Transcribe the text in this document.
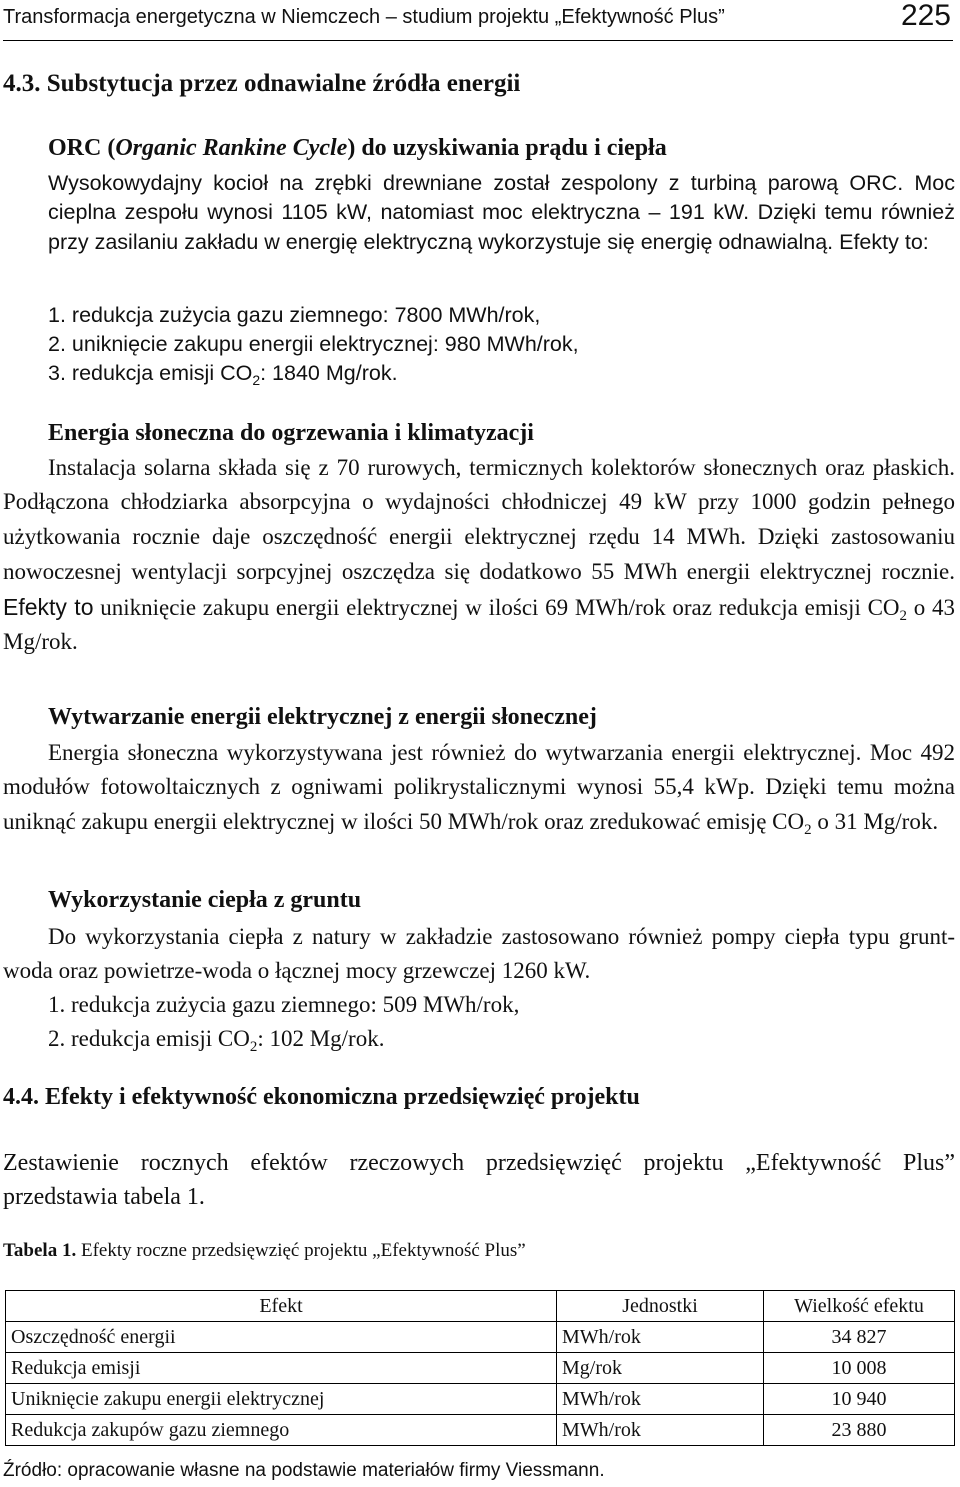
Transformacja energetyczna w Niemczech – studium projektu „Efektywność Plus”	225
4.3. Substytucja przez odnawialne źródła energii
ORC (Organic Rankine Cycle) do uzyskiwania prądu i ciepła
Wysokowydajny kocioł na zrębki drewniane został zespolony z turbiną parową ORC. Moc cieplna zespołu wynosi 1105 kW, natomiast moc elektryczna – 191 kW. Dzięki temu również przy zasilaniu zakładu w energię elektryczną wykorzystuje się energię odnawialną. Efekty to:
1. redukcja zużycia gazu ziemnego: 7800 MWh/rok,
2. uniknięcie zakupu energii elektrycznej: 980 MWh/rok,
3. redukcja emisji $CO_2$: 1840 Mg/rok.
Energia słoneczna do ogrzewania i klimatyzacji
Instalacja solarna składa się z 70 rurowych, termicznych kolektorów słonecznych oraz płaskich. Podłączona chłodziarka absorpcyjna o wydajności chłodniczej 49 kW przy 1000 godzin pełnego użytkowania rocznie daje oszczędność energii elektrycznej rzędu 14 MWh. Dzięki zastosowaniu nowoczesnej wentylacji sorpcyjnej oszczędza się dodatkowo 55 MWh energii elektrycznej rocznie. Efekty to uniknięcie zakupu energii elektrycznej w ilości 69 MWh/rok oraz redukcja emisji $CO_2$ o 43 Mg/rok.
Wytwarzanie energii elektrycznej z energii słonecznej
Energia słoneczna wykorzystywana jest również do wytwarzania energii elektrycznej. Moc 492 modułów fotowoltaicznych z ogniwami polikrystalicznymi wynosi 55,4 kWp. Dzięki temu można uniknąć zakupu energii elektrycznej w ilości 50 MWh/rok oraz zredukować emisję $CO_2$ o 31 Mg/rok.
Wykorzystanie ciepła z gruntu
Do wykorzystania ciepła z natury w zakładzie zastosowano również pompy ciepła typu grunt-woda oraz powietrze-woda o łącznej mocy grzewczej 1260 kW.
1. redukcja zużycia gazu ziemnego: 509 MWh/rok,
2. redukcja emisji $CO_2$: 102 Mg/rok.
4.4. Efekty i efektywność ekonomiczna przedsięwzięć projektu
Zestawienie rocznych efektów rzeczowych przedsięwzięć projektu „Efektywność Plus” przedstawia tabela 1.
Tabela 1. Efekty roczne przedsięwzięć projektu „Efektywność Plus”
Efekt	Jednostki	Wielkość efektu
Oszczędność energii	MWh/rok	34 827
Redukcja emisji	Mg/rok	10 008
Uniknięcie zakupu energii elektrycznej	MWh/rok	10 940
Redukcja zakupów gazu ziemnego	MWh/rok	23 880
Źródło: opracowanie własne na podstawie materiałów firmy Viessmann.
